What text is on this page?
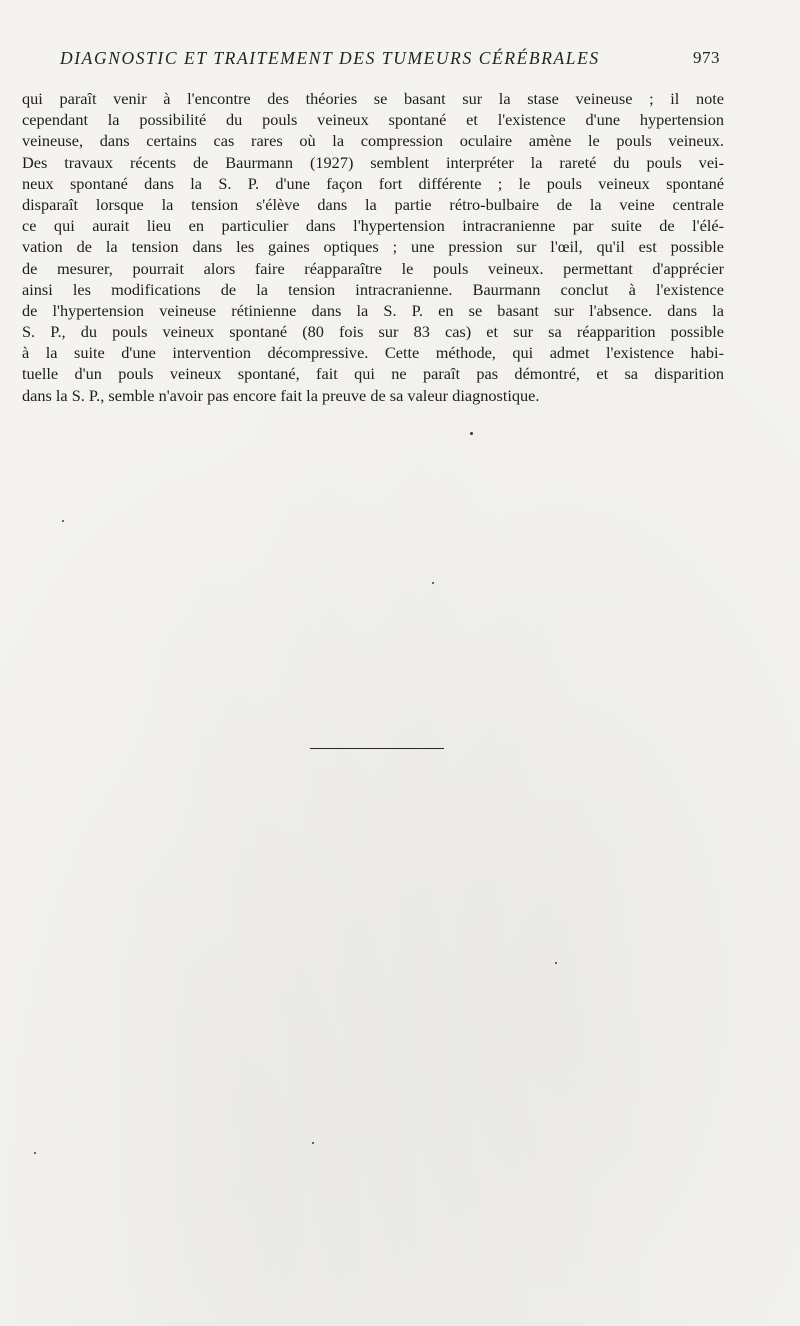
DIAGNOSTIC ET TRAITEMENT DES TUMEURS CÉRÉBRALES	973
qui paraît venir à l'encontre des théories se basant sur la stase veineuse ; il note
cependant la possibilité du pouls veineux spontané et l'existence d'une hypertension
veineuse, dans certains cas rares où la compression oculaire amène le pouls veineux.
Des travaux récents de Baurmann (1927) semblent interpréter la rareté du pouls vei-
neux spontané dans la S. P. d'une façon fort différente ; le pouls veineux spontané
disparaît lorsque la tension s'élève dans la partie rétro-bulbaire de la veine centrale
ce qui aurait lieu en particulier dans l'hypertension intracranienne par suite de l'élé-
vation de la tension dans les gaines optiques ; une pression sur l'œil, qu'il est possible
de mesurer, pourrait alors faire réapparaître le pouls veineux. permettant d'apprécier
ainsi les modifications de la tension intracranienne. Baurmann conclut à l'existence
de l'hypertension veineuse rétinienne dans la S. P. en se basant sur l'absence. dans la
S. P., du pouls veineux spontané (80 fois sur 83 cas) et sur sa réapparition possible
à la suite d'une intervention décompressive. Cette méthode, qui admet l'existence habi-
tuelle d'un pouls veineux spontané, fait qui ne paraît pas démontré, et sa disparition
dans la S. P., semble n'avoir pas encore fait la preuve de sa valeur diagnostique.
